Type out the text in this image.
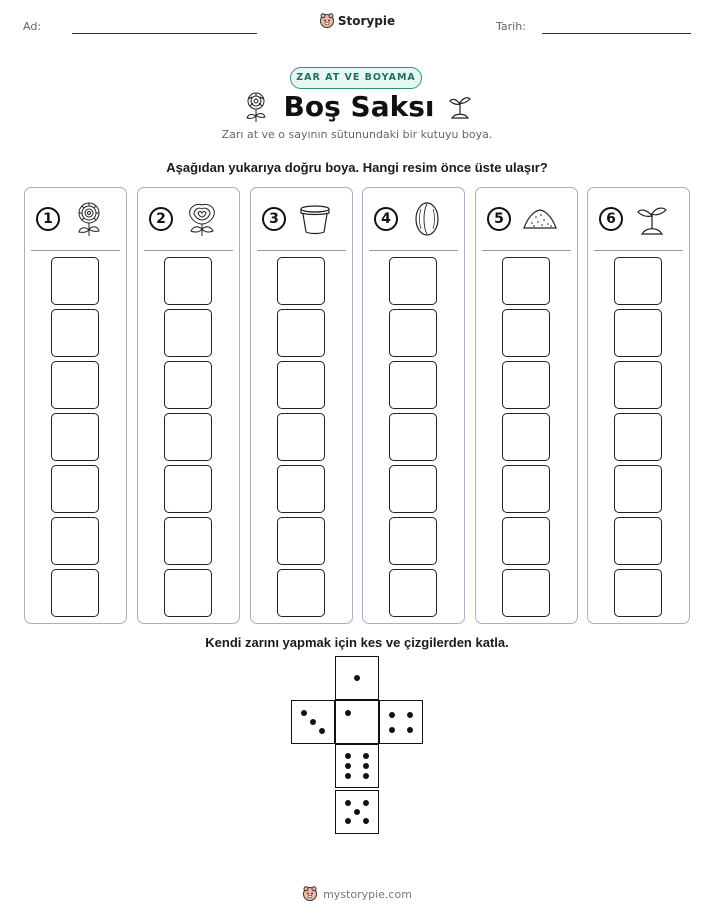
Ad:	Storypie	Tarih:
ZAR AT VE BOYAMA
Boş Saksı
Zarı at ve o sayının sütunundaki bir kutuyu boya.
Aşağıdan yukarıya doğru boya. Hangi resim önce üste ulaşır?
1	2	3	4	5	6
Kendi zarını yapmak için kes ve çizgilerden katla.
mystorypie.com
